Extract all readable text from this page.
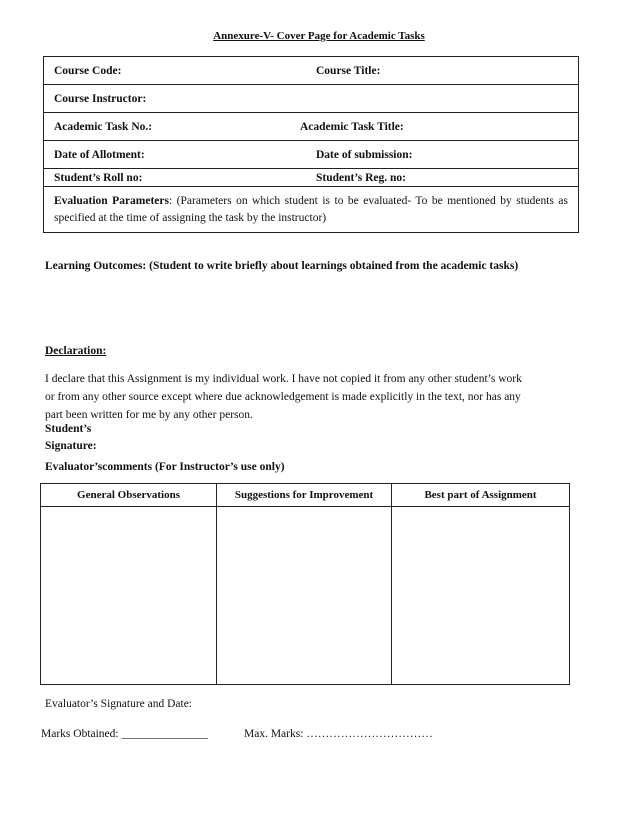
Annexure-V- Cover Page for Academic Tasks
Course Code:	Course Title:

Course Instructor:

Academic Task No.:	Academic Task Title:

Date of Allotment:	Date of submission:

Student’s Roll no:	Student’s Reg. no:

Evaluation Parameters: (Parameters on which student is to be evaluated- To be mentioned by students as specified at the time of assigning the task by the instructor)
Learning Outcomes: (Student to write briefly about learnings obtained from the academic tasks)
Declaration:
I declare that this Assignment is my individual work. I have not copied it from any other student’s work
or from any other source except where due acknowledgement is made explicitly in the text, nor has any
part been written for me by any other person.
Student’s
Signature:
Evaluator’scomments (For Instructor’s use only)
General Observations	Suggestions for Improvement	Best part of Assignment

Evaluator’s Signature and Date:
Marks Obtained: _______________	Max. Marks: ……………………………
